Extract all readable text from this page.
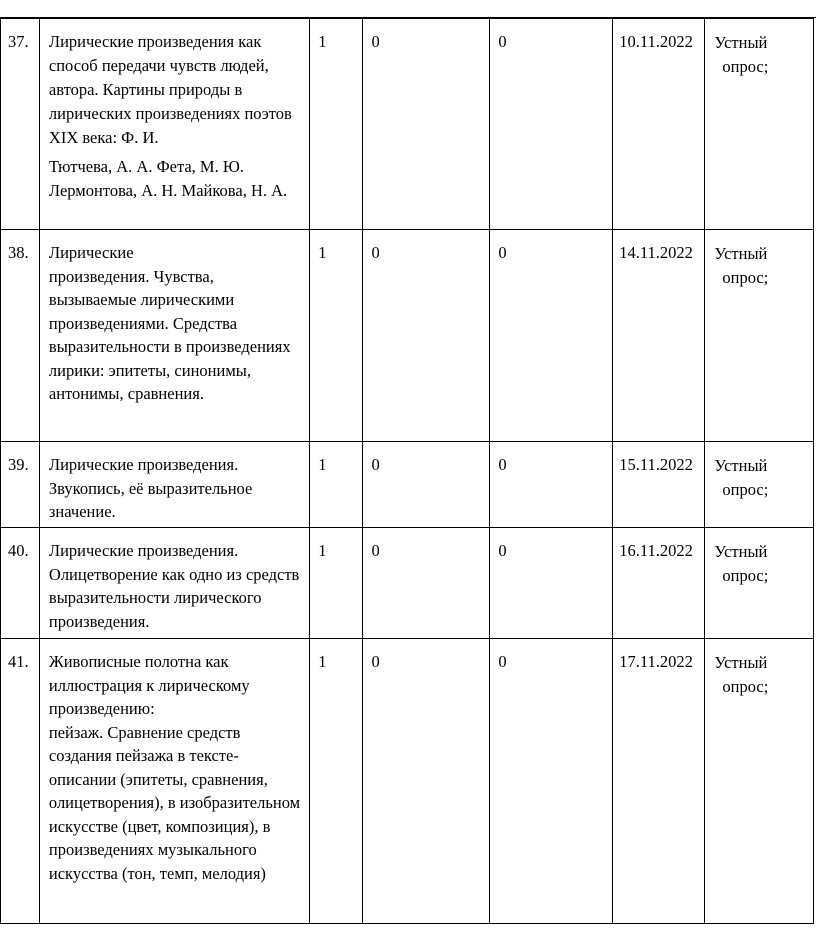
37.	Лирические произведения как способ передачи чувств людей, автора. Картины природы в лирических произведениях поэтов XIX века: Ф. И.
Тютчева, А. А. Фета, М. Ю. Лермонтова, А. Н. Майкова, Н. А.	1	0	0	10.11.2022	Устный
опрос;

38.	Лирические
произведения. Чувства, вызываемые лирическими произведениями. Средства выразительности в произведениях лирики: эпитеты, синонимы, антонимы, сравнения.	1	0	0	14.11.2022	Устный
опрос;

39.	Лирические произведения. Звукопись, её выразительное значение.	1	0	0	15.11.2022	Устный
опрос;

40.	Лирические произведения. Олицетворение как одно из средств выразительности лирического произведения.	1	0	0	16.11.2022	Устный
опрос;

41.	Живописные полотна как иллюстрация к лирическому произведению:
пейзаж. Сравнение средств создания пейзажа в тексте-описании (эпитеты, сравнения, олицетворения), в изобразительном искусстве (цвет, композиция), в произведениях музыкального искусства (тон, темп, мелодия)	1	0	0	17.11.2022	Устный
опрос;
